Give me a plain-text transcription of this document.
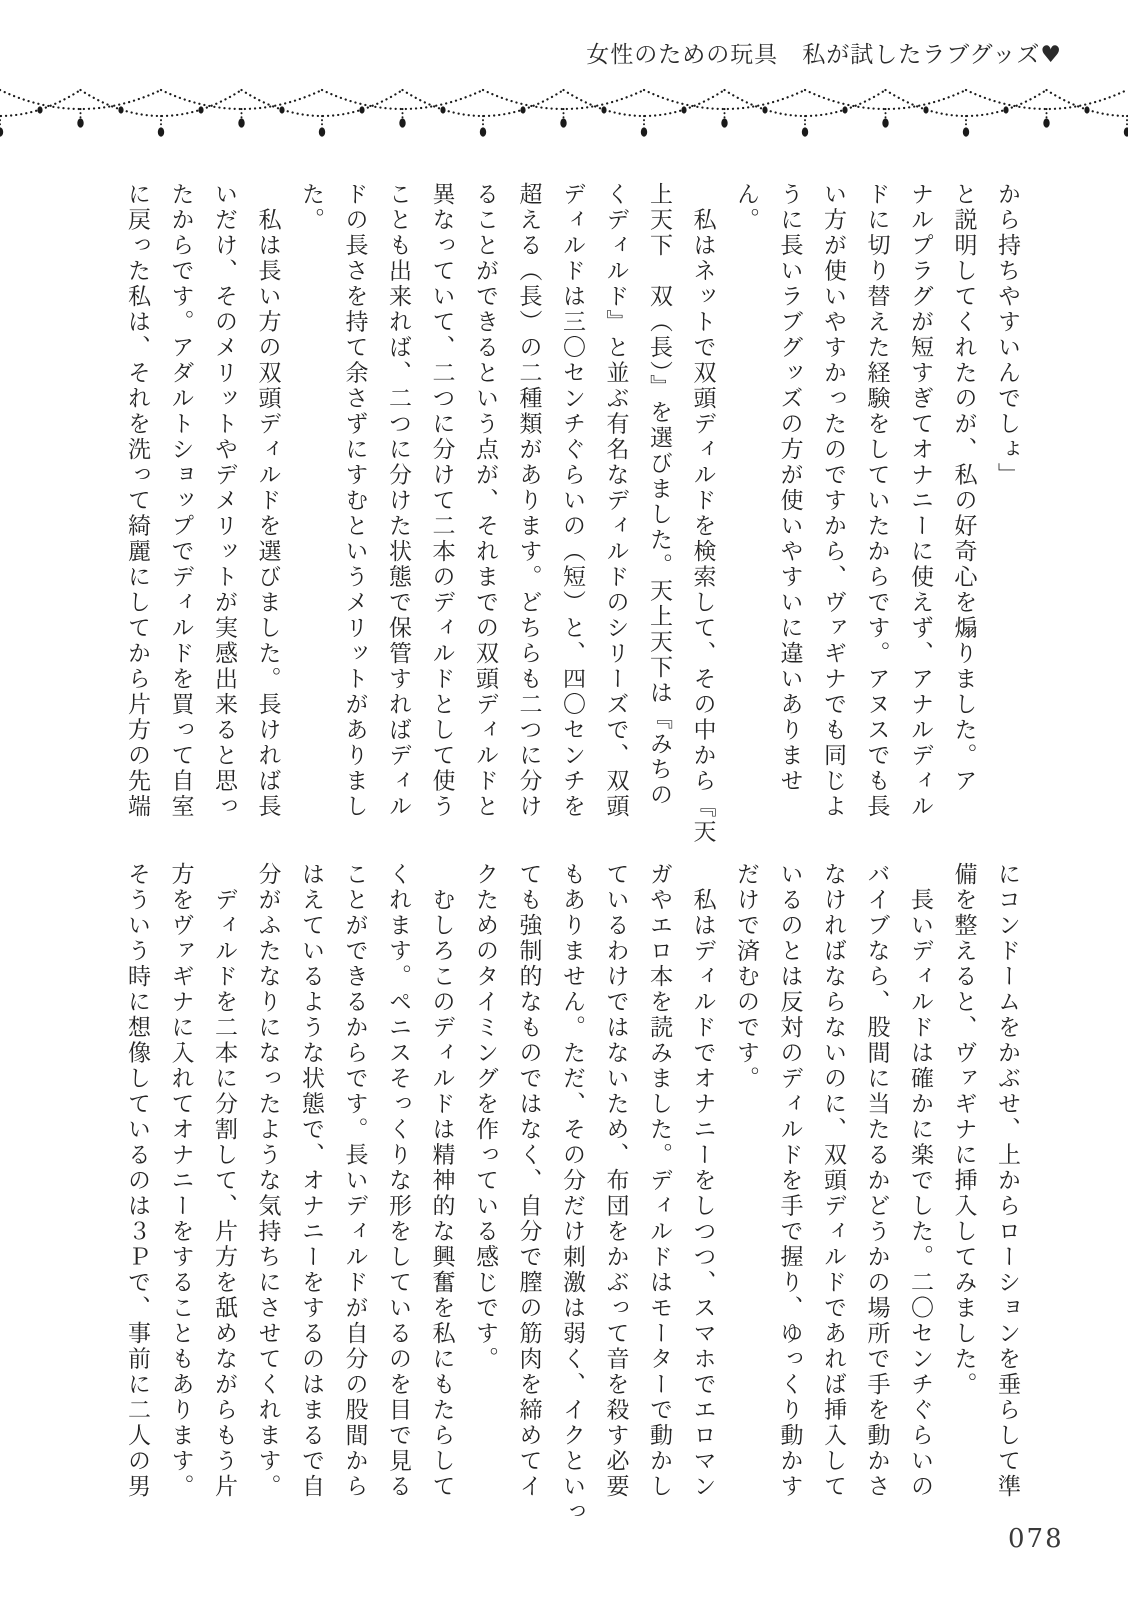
女性のための玩具　私が試したラブグッズ♥

から持ちやすいんでしょ」

と説明してくれたのが、私の好奇心を煽りました。ア

ナルプラグが短すぎてオナニーに使えず、アナルディル

ドに切り替えた経験をしていたからです。アヌスでも長

い方が使いやすかったのですから、ヴァギナでも同じよ

うに長いラブグッズの方が使いやすいに違いありませ

ん。

　私はネットで双頭ディルドを検索して、その中から『天

上天下　双（長）』を選びました。天上天下は『みちの

くディルド』と並ぶ有名なディルドのシリーズで、双頭

ディルドは三〇センチぐらいの（短）と、四〇センチを

超える（長）の二種類があります。どちらも二つに分け

ることができるという点が、それまでの双頭ディルドと

異なっていて、二つに分けて二本のディルドとして使う

ことも出来れば、二つに分けた状態で保管すればディル

ドの長さを持て余さずにすむというメリットがありまし

た。

　私は長い方の双頭ディルドを選びました。長ければ長

いだけ、そのメリットやデメリットが実感出来ると思っ

たからです。アダルトショップでディルドを買って自室

に戻った私は、それを洗って綺麗にしてから片方の先端

にコンドームをかぶせ、上からローションを垂らして準

備を整えると、ヴァギナに挿入してみました。

　長いディルドは確かに楽でした。二〇センチぐらいの

バイブなら、股間に当たるかどうかの場所で手を動かさ

なければならないのに、双頭ディルドであれば挿入して

いるのとは反対のディルドを手で握り、ゆっくり動かす

だけで済むのです。

　私はディルドでオナニーをしつつ、スマホでエロマン

ガやエロ本を読みました。ディルドはモーターで動かし

ているわけではないため、布団をかぶって音を殺す必要

もありません。ただ、その分だけ刺激は弱く、イクといっ

ても強制的なものではなく、自分で膣の筋肉を締めてイ

クためのタイミングを作っている感じです。

　むしろこのディルドは精神的な興奮を私にもたらして

くれます。ペニスそっくりな形をしているのを目で見る

ことができるからです。長いディルドが自分の股間から

はえているような状態で、オナニーをするのはまるで自

分がふたなりになったような気持ちにさせてくれます。

　ディルドを二本に分割して、片方を舐めながらもう片

方をヴァギナに入れてオナニーをすることもあります。

そういう時に想像しているのは３Ｐで、事前に二人の男

078
